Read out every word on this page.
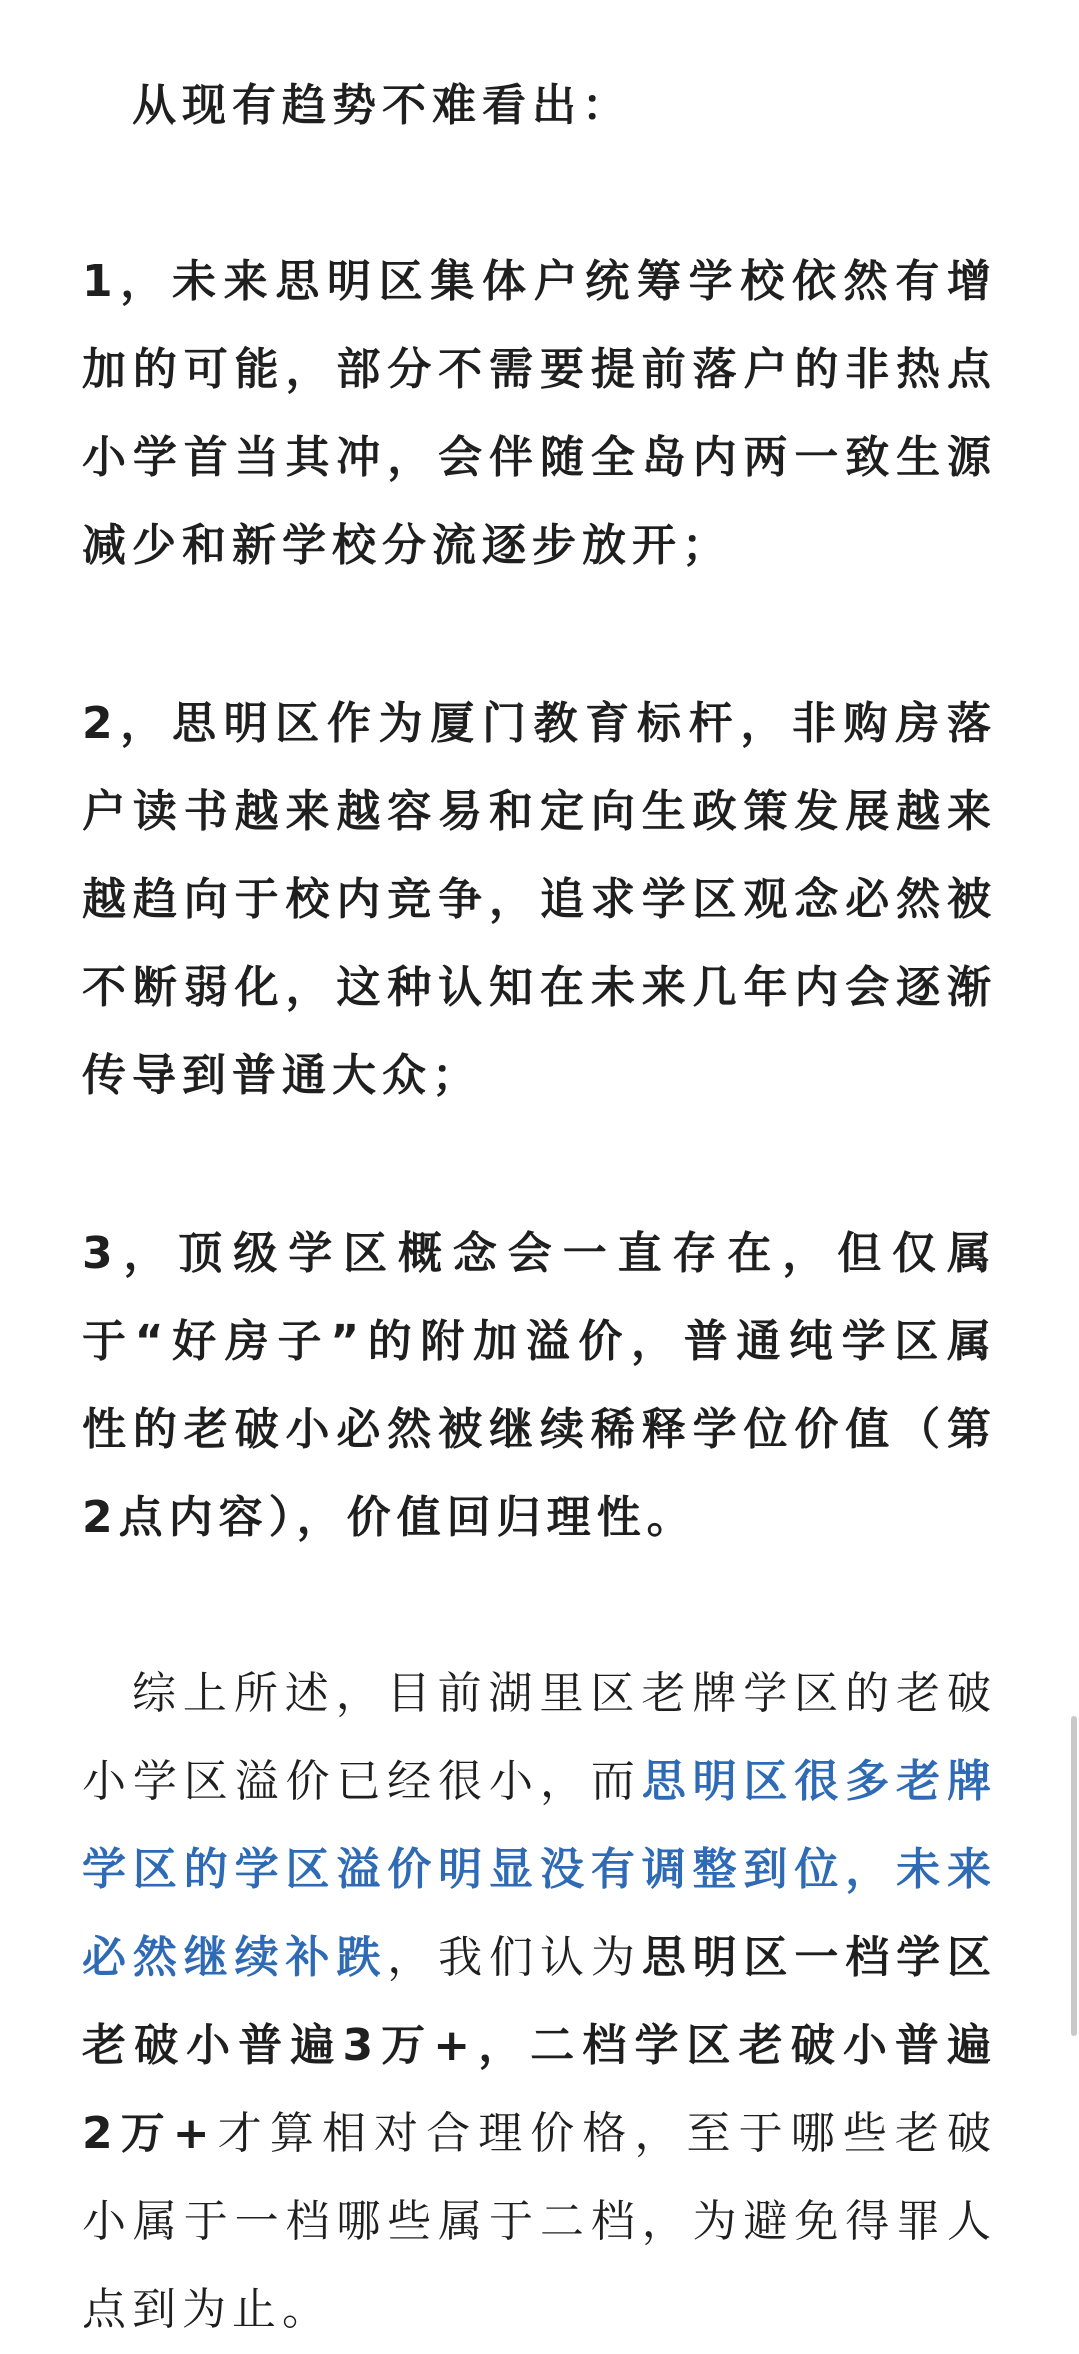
从现有趋势不难看出：

1，未来思明区集体户统筹学校依然有增加的可能，部分不需要提前落户的非热点小学首当其冲，会伴随全岛内两一致生源减少和新学校分流逐步放开；

2，思明区作为厦门教育标杆，非购房落户读书越来越容易和定向生政策发展越来越趋向于校内竞争，追求学区观念必然被不断弱化，这种认知在未来几年内会逐渐传导到普通大众；

3，顶级学区概念会一直存在，但仅属于“好房子”的附加溢价，普通纯学区属性的老破小必然被继续稀释学位价值（第2点内容），价值回归理性。

综上所述，目前湖里区老牌学区的老破小学区溢价已经很小，而思明区很多老牌学区的学区溢价明显没有调整到位，未来必然继续补跌，我们认为思明区一档学区老破小普遍3万+，二档学区老破小普遍2万+才算相对合理价格，至于哪些老破小属于一档哪些属于二档，为避免得罪人点到为止。
